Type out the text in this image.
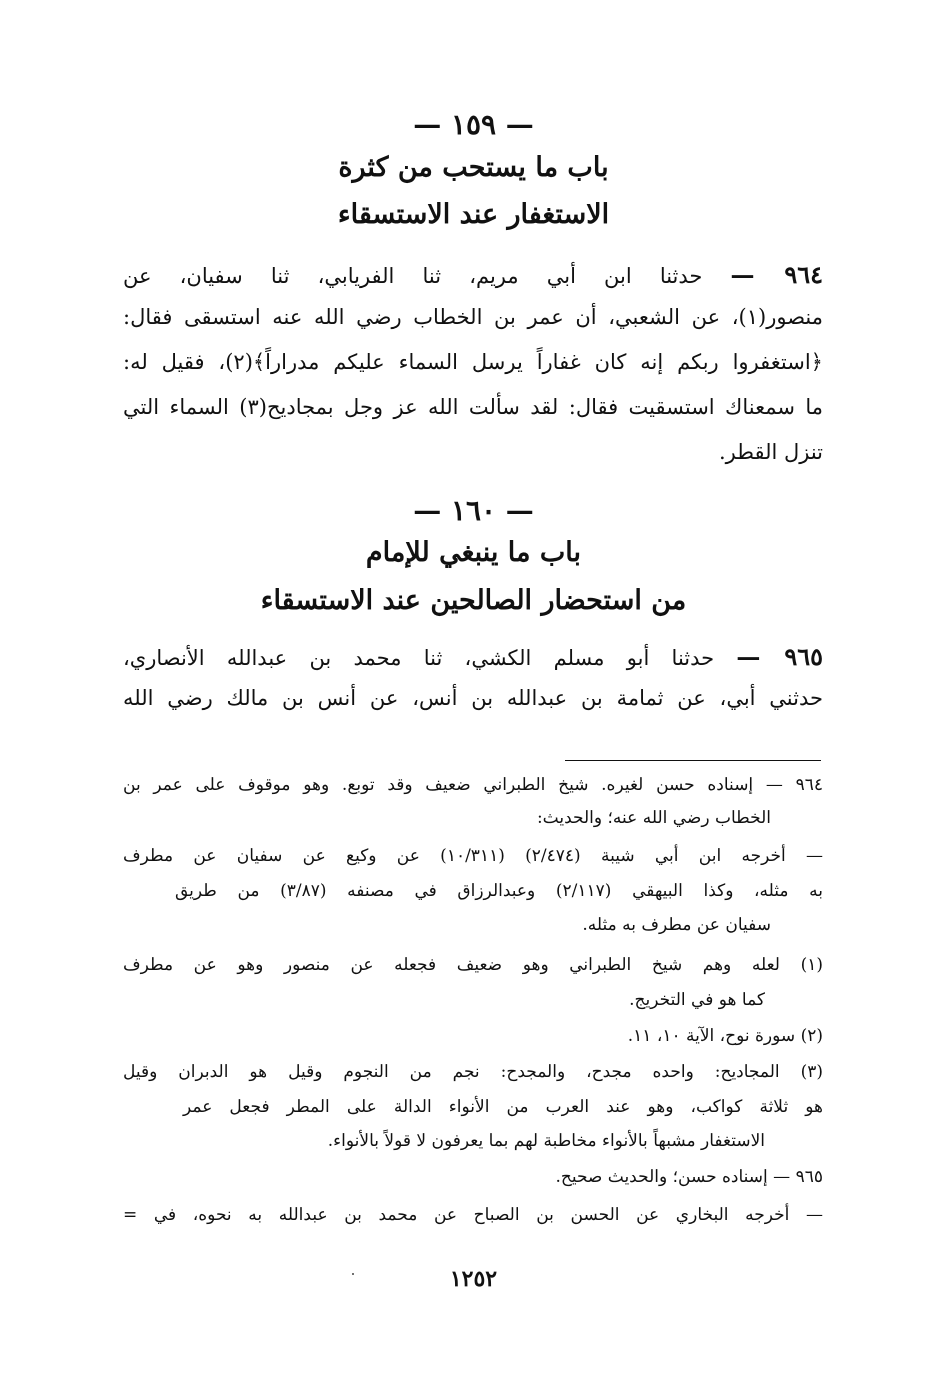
— ١٥٩ —
باب ما يستحب من كثرة
الاستغفار عند الاستسقاء
٩٦٤ — حدثنا ابن أبي مريم، ثنا الفريابي، ثنا سفيان، عن
منصور(١)، عن الشعبي، أن عمر بن الخطاب رضي الله عنه استسقى فقال:
﴿استغفروا ربكم إنه كان غفاراً يرسل السماء عليكم مدراراً﴾(٢)، فقيل له:
ما سمعناك استسقيت فقال: لقد سألت الله عز وجل بمجاديح(٣) السماء التي
تنزل القطر.
— ١٦٠ —
باب ما ينبغي للإمام
من استحضار الصالحين عند الاستسقاء
٩٦٥ — حدثنا أبو مسلم الكشي، ثنا محمد بن عبدالله الأنصاري،
حدثني أبي، عن ثمامة بن عبدالله بن أنس، عن أنس بن مالك رضي الله
٩٦٤ — إسناده حسن لغيره. شيخ الطبراني ضعيف وقد توبع. وهو موقوف على عمر بن
الخطاب رضي الله عنه؛ والحديث:
— أخرجه ابن أبي شيبة (٢/٤٧٤) (١٠/٣١١) عن وكيع عن سفيان عن مطرف
به مثله، وكذا البيهقي (٢/١١٧) وعبدالرزاق في مصنفه (٣/٨٧) من طريق
سفيان عن مطرف به مثله.
(١) لعله وهم شيخ الطبراني وهو ضعيف فجعله عن منصور وهو عن مطرف
كما هو في التخريج.
(٢) سورة نوح، الآية ١٠، ١١.
(٣) المجاديح: واحده مجدح، والمجدح: نجم من النجوم وقيل هو الدبران وقيل
هو ثلاثة كواكب، وهو عند العرب من الأنواء الدالة على المطر فجعل عمر
الاستغفار مشبهاً بالأنواء مخاطبة لهم بما يعرفون لا قولاً بالأنواء.
٩٦٥ — إسناده حسن؛ والحديث صحيح.
— أخرجه البخاري عن الحسن بن الصباح عن محمد بن عبدالله به نحوه، في =
١٢٥٢
